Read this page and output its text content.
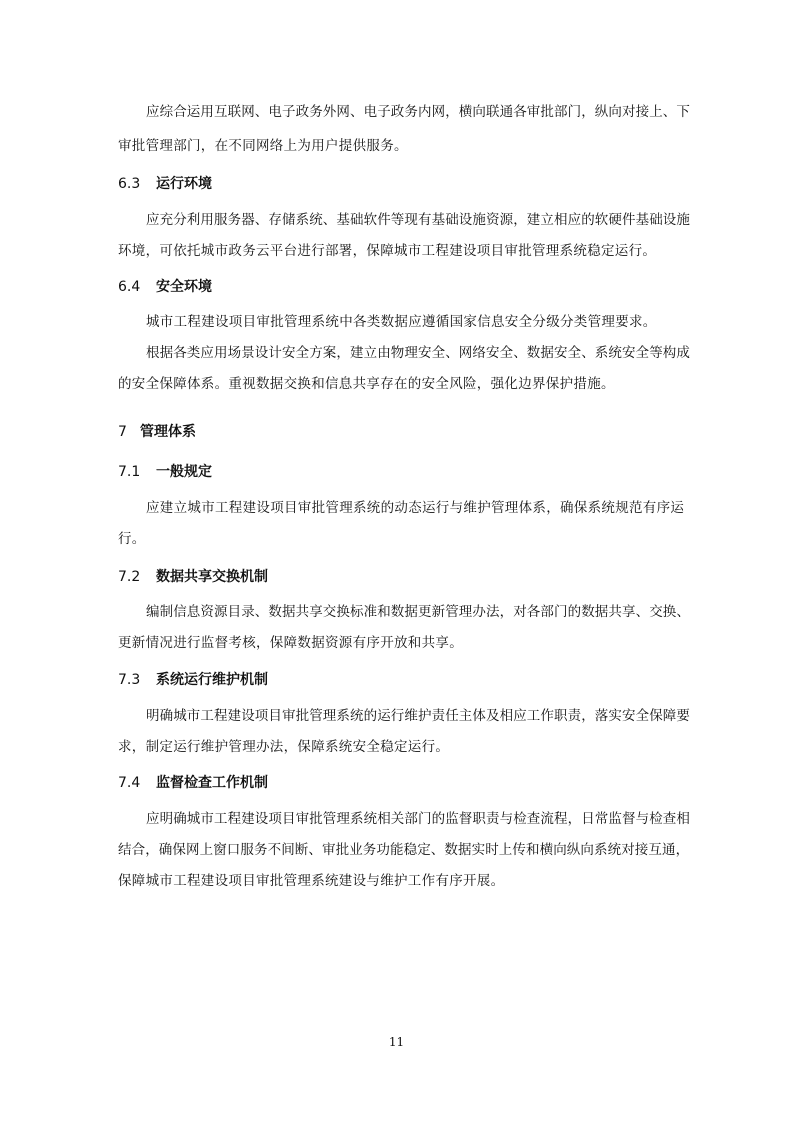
应综合运用互联网、电子政务外网、电子政务内网，横向联通各审批部门，纵向对接上、下
审批管理部门，在不同网络上为用户提供服务。
6.3 运行环境
应充分利用服务器、存储系统、基础软件等现有基础设施资源，建立相应的软硬件基础设施
环境，可依托城市政务云平台进行部署，保障城市工程建设项目审批管理系统稳定运行。
6.4 安全环境
城市工程建设项目审批管理系统中各类数据应遵循国家信息安全分级分类管理要求。
根据各类应用场景设计安全方案，建立由物理安全、网络安全、数据安全、系统安全等构成
的安全保障体系。重视数据交换和信息共享存在的安全风险，强化边界保护措施。
7 管理体系
7.1 一般规定
应建立城市工程建设项目审批管理系统的动态运行与维护管理体系，确保系统规范有序运
行。
7.2 数据共享交换机制
编制信息资源目录、数据共享交换标准和数据更新管理办法，对各部门的数据共享、交换、
更新情况进行监督考核，保障数据资源有序开放和共享。
7.3 系统运行维护机制
明确城市工程建设项目审批管理系统的运行维护责任主体及相应工作职责，落实安全保障要
求，制定运行维护管理办法，保障系统安全稳定运行。
7.4 监督检查工作机制
应明确城市工程建设项目审批管理系统相关部门的监督职责与检查流程，日常监督与检查相
结合，确保网上窗口服务不间断、审批业务功能稳定、数据实时上传和横向纵向系统对接互通，
保障城市工程建设项目审批管理系统建设与维护工作有序开展。
11
